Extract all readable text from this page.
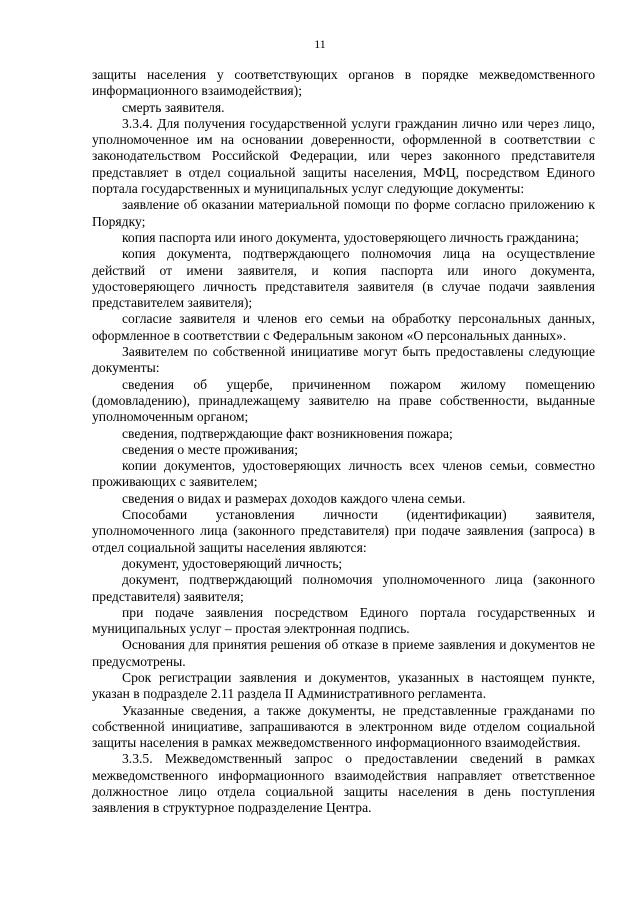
11

защиты населения у соответствующих органов в порядке межведомственного информационного взаимодействия);

смерть заявителя.

3.3.4. Для получения государственной услуги гражданин лично или через лицо, уполномоченное им на основании доверенности, оформленной в соответствии с законодательством Российской Федерации, или через законного представителя представляет в отдел социальной защиты населения, МФЦ, посредством Единого портала государственных и муниципальных услуг следующие документы:

заявление об оказании материальной помощи по форме согласно приложению к Порядку;

копия паспорта или иного документа, удостоверяющего личность гражданина;

копия документа, подтверждающего полномочия лица на осуществление действий от имени заявителя, и копия паспорта или иного документа, удостоверяющего личность представителя заявителя (в случае подачи заявления представителем заявителя);

согласие заявителя и членов его семьи на обработку персональных данных, оформленное в соответствии с Федеральным законом «О персональных данных».

Заявителем по собственной инициативе могут быть предоставлены следующие документы:

сведения об ущербе, причиненном пожаром жилому помещению (домовладению), принадлежащему заявителю на праве собственности, выданные уполномоченным органом;

сведения, подтверждающие факт возникновения пожара;

сведения о месте проживания;

копии документов, удостоверяющих личность всех членов семьи, совместно проживающих с заявителем;

сведения о видах и размерах доходов каждого члена семьи.

Способами установления личности (идентификации) заявителя, уполномоченного лица (законного представителя) при подаче заявления (запроса) в отдел социальной защиты населения являются:

документ, удостоверяющий личность;

документ, подтверждающий полномочия уполномоченного лица (законного представителя) заявителя;

при подаче заявления посредством Единого портала государственных и муниципальных услуг – простая электронная подпись.

Основания для принятия решения об отказе в приеме заявления и документов не предусмотрены.

Срок регистрации заявления и документов, указанных в настоящем пункте, указан в подразделе 2.11 раздела II Административного регламента.

Указанные сведения, а также документы, не представленные гражданами по собственной инициативе, запрашиваются в электронном виде отделом социальной защиты населения в рамках межведомственного информационного взаимодействия.

3.3.5. Межведомственный запрос о предоставлении сведений в рамках межведомственного информационного взаимодействия направляет ответственное должностное лицо отдела социальной защиты населения в день поступления заявления в структурное подразделение Центра.
